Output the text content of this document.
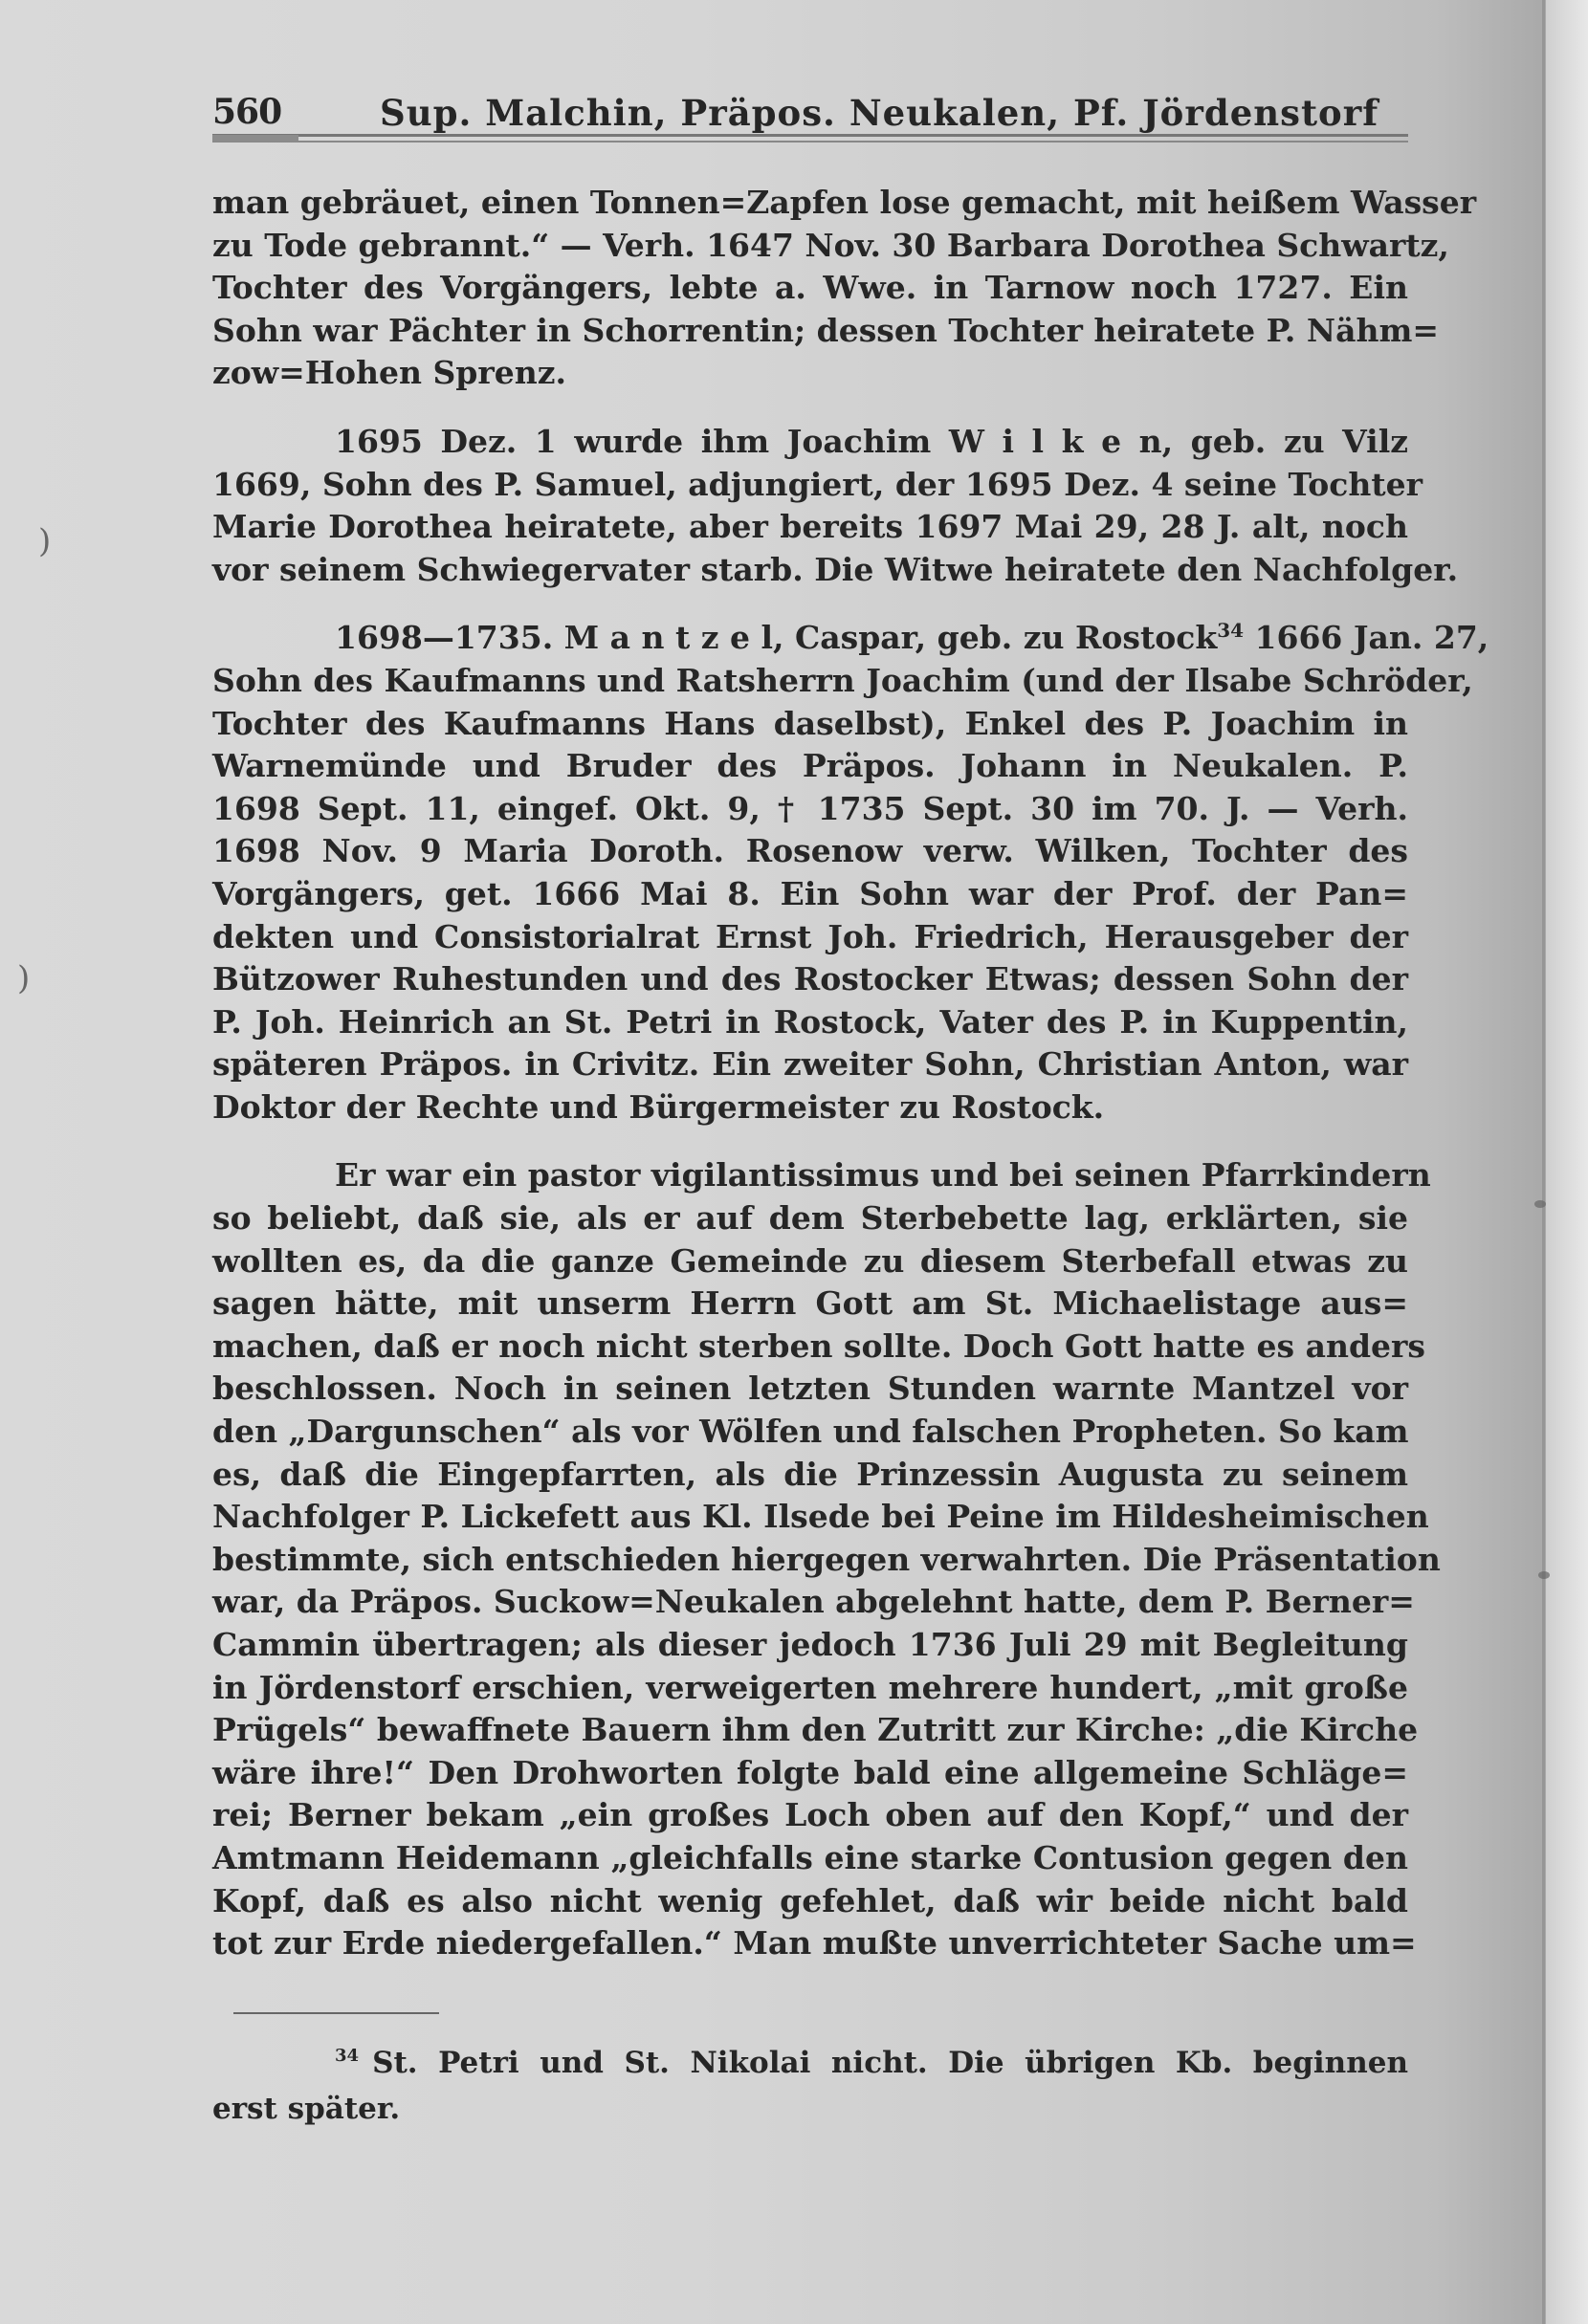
560	Sup. Malchin, Präpos. Neukalen, Pf. Jördenstorf
)
)

man gebräuet, einen Tonnen=Zapfen lose gemacht, mit heißem Wasser
zu Tode gebrannt.“ — Verh. 1647 Nov. 30 Barbara Dorothea Schwartz,
Tochter des Vorgängers, lebte a. Wwe. in Tarnow noch 1727. Ein
Sohn war Pächter in Schorrentin; dessen Tochter heiratete P. Nähm=
zow=Hohen Sprenz.

1695 Dez. 1 wurde ihm Joachim W i l k e n, geb. zu Vilz
1669, Sohn des P. Samuel, adjungiert, der 1695 Dez. 4 seine Tochter
Marie Dorothea heiratete, aber bereits 1697 Mai 29, 28 J. alt, noch
vor seinem Schwiegervater starb. Die Witwe heiratete den Nachfolger.

1698—1735. M a n t z e l, Caspar, geb. zu Rostock$^{34}$ 1666 Jan. 27,
Sohn des Kaufmanns und Ratsherrn Joachim (und der Ilsabe Schröder,
Tochter des Kaufmanns Hans daselbst), Enkel des P. Joachim in
Warnemünde und Bruder des Präpos. Johann in Neukalen. P.
1698 Sept. 11, eingef. Okt. 9, † 1735 Sept. 30 im 70. J. — Verh.
1698 Nov. 9 Maria Doroth. Rosenow verw. Wilken, Tochter des
Vorgängers, get. 1666 Mai 8. Ein Sohn war der Prof. der Pan=
dekten und Consistorialrat Ernst Joh. Friedrich, Herausgeber der
Bützower Ruhestunden und des Rostocker Etwas; dessen Sohn der
P. Joh. Heinrich an St. Petri in Rostock, Vater des P. in Kuppentin,
späteren Präpos. in Crivitz. Ein zweiter Sohn, Christian Anton, war
Doktor der Rechte und Bürgermeister zu Rostock.

Er war ein pastor vigilantissimus und bei seinen Pfarrkindern
so beliebt, daß sie, als er auf dem Sterbebette lag, erklärten, sie
wollten es, da die ganze Gemeinde zu diesem Sterbefall etwas zu
sagen hätte, mit unserm Herrn Gott am St. Michaelistage aus=
machen, daß er noch nicht sterben sollte. Doch Gott hatte es anders
beschlossen. Noch in seinen letzten Stunden warnte Mantzel vor
den „Dargunschen“ als vor Wölfen und falschen Propheten. So kam
es, daß die Eingepfarrten, als die Prinzessin Augusta zu seinem
Nachfolger P. Lickefett aus Kl. Ilsede bei Peine im Hildesheimischen
bestimmte, sich entschieden hiergegen verwahrten. Die Präsentation
war, da Präpos. Suckow=Neukalen abgelehnt hatte, dem P. Berner=
Cammin übertragen; als dieser jedoch 1736 Juli 29 mit Begleitung
in Jördenstorf erschien, verweigerten mehrere hundert, „mit große
Prügels“ bewaffnete Bauern ihm den Zutritt zur Kirche: „die Kirche
wäre ihre!“ Den Drohworten folgte bald eine allgemeine Schläge=
rei; Berner bekam „ein großes Loch oben auf den Kopf,“ und der
Amtmann Heidemann „gleichfalls eine starke Contusion gegen den
Kopf, daß es also nicht wenig gefehlet, daß wir beide nicht bald
tot zur Erde niedergefallen.“ Man mußte unverrichteter Sache um=

$^{34}$ St. Petri und St. Nikolai nicht. Die übrigen Kb. beginnen
erst später.
